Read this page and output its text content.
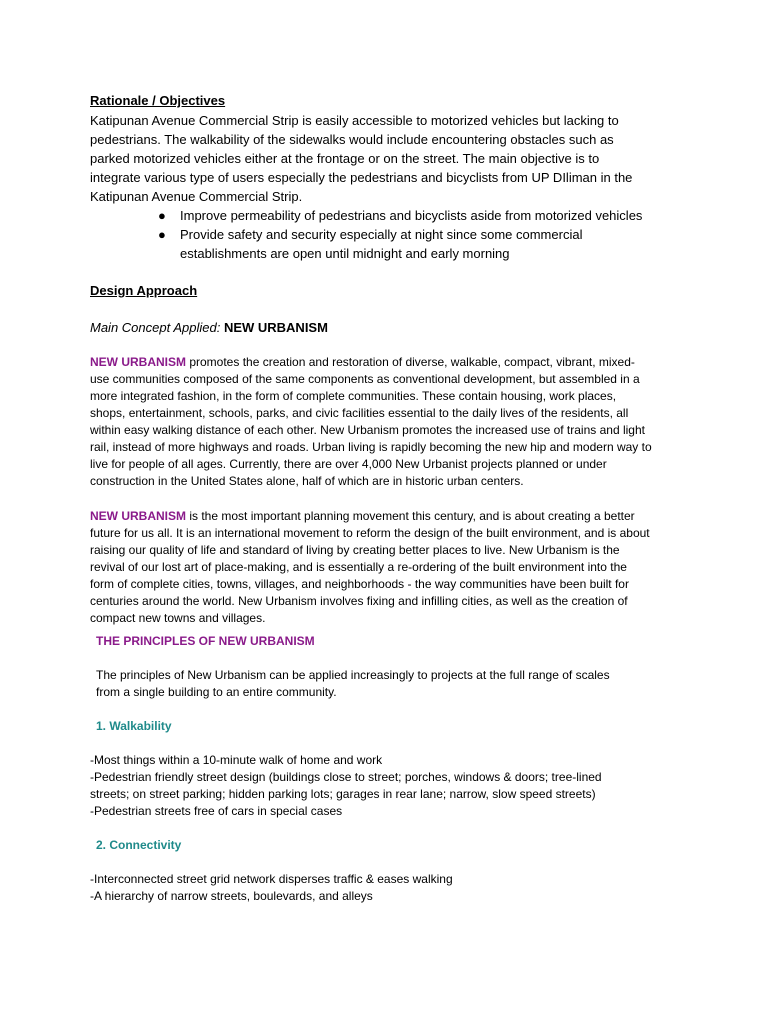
Rationale / Objectives

Katipunan Avenue Commercial Strip is easily accessible to motorized vehicles but lacking to

pedestrians. The walkability of the sidewalks would include encountering obstacles such as

parked motorized vehicles either at the frontage or on the street. The main objective is to

integrate various type of users especially the pedestrians and bicyclists from UP DIliman in the

Katipunan Avenue Commercial Strip.

● Improve permeability of pedestrians and bicyclists aside from motorized vehicles
● Provide safety and security especially at night since some commercial
establishments are open until midnight and early morning

Design Approach

Main Concept Applied: NEW URBANISM

NEW URBANISM promotes the creation and restoration of diverse, walkable, compact, vibrant, mixed-

use communities composed of the same components as conventional development, but assembled in a

more integrated fashion, in the form of complete communities. These contain housing, work places,

shops, entertainment, schools, parks, and civic facilities essential to the daily lives of the residents, all

within easy walking distance of each other. New Urbanism promotes the increased use of trains and light

rail, instead of more highways and roads. Urban living is rapidly becoming the new hip and modern way to

live for people of all ages. Currently, there are over 4,000 New Urbanist projects planned or under

construction in the United States alone, half of which are in historic urban centers.

NEW URBANISM is the most important planning movement this century, and is about creating a better

future for us all. It is an international movement to reform the design of the built environment, and is about

raising our quality of life and standard of living by creating better places to live. New Urbanism is the

revival of our lost art of place-making, and is essentially a re-ordering of the built environment into the

form of complete cities, towns, villages, and neighborhoods - the way communities have been built for

centuries around the world. New Urbanism involves fixing and infilling cities, as well as the creation of

compact new towns and villages.

THE PRINCIPLES OF NEW URBANISM

The principles of New Urbanism can be applied increasingly to projects at the full range of scales

from a single building to an entire community.

1. Walkability

-Most things within a 10-minute walk of home and work

-Pedestrian friendly street design (buildings close to street; porches, windows & doors; tree-lined

streets; on street parking; hidden parking lots; garages in rear lane; narrow, slow speed streets)

-Pedestrian streets free of cars in special cases

2. Connectivity

-Interconnected street grid network disperses traffic & eases walking

-A hierarchy of narrow streets, boulevards, and alleys
